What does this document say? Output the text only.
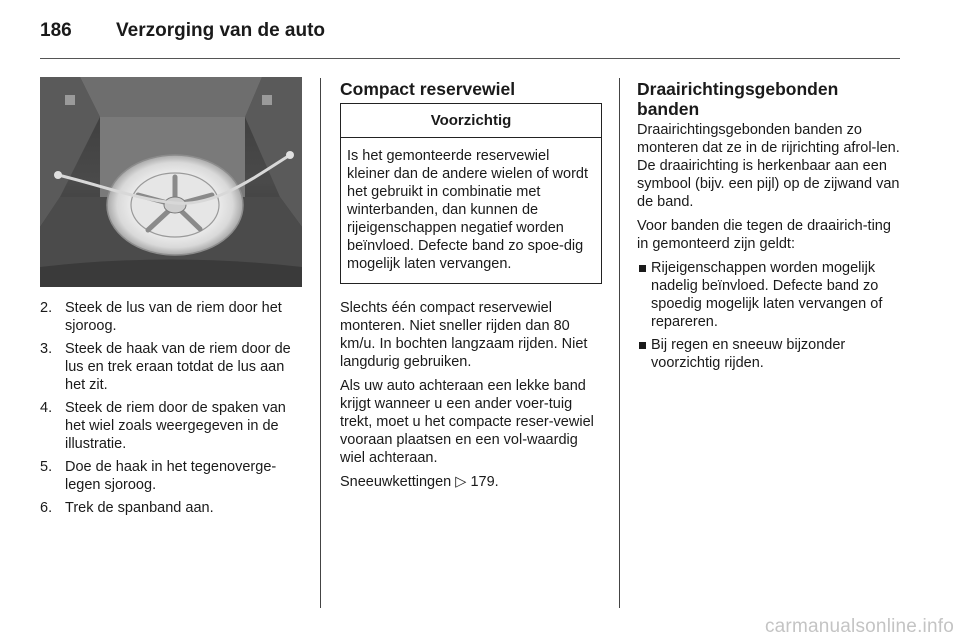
186	Verzorging van de auto
2. Steek de lus van de riem door het sjoroog.
3. Steek de haak van de riem door de lus en trek eraan totdat de lus aan het zit.
4. Steek de riem door de spaken van het wiel zoals weergegeven in de illustratie.
5. Doe de haak in het tegenoverge-legen sjoroog.
6. Trek de spanband aan.
Compact reservewiel
Voorzichtig
Is het gemonteerde reservewiel kleiner dan de andere wielen of wordt het gebruikt in combinatie met winterbanden, dan kunnen de rijeigenschappen negatief worden beïnvloed. Defecte band zo spoe-dig mogelijk laten vervangen.

Slechts één compact reservewiel monteren. Niet sneller rijden dan 80 km/u. In bochten langzaam rijden. Niet langdurig gebruiken.

Als uw auto achteraan een lekke band krijgt wanneer u een ander voer-tuig trekt, moet u het compacte reser-vewiel vooraan plaatsen en een vol-waardig wiel achteraan.

Sneeuwkettingen ▷ 179.

Draairichtingsgebonden banden

Draairichtingsgebonden banden zo monteren dat ze in de rijrichting afrol-len. De draairichting is herkenbaar aan een symbool (bijv. een pijl) op de zijwand van de band.

Voor banden die tegen de draairich-ting in gemonteerd zijn geldt:

Rijeigenschappen worden mogelijk nadelig beïnvloed. Defecte band zo spoedig mogelijk laten vervangen of repareren.
Bij regen en sneeuw bijzonder voorzichtig rijden.
carmanualsonline.info
